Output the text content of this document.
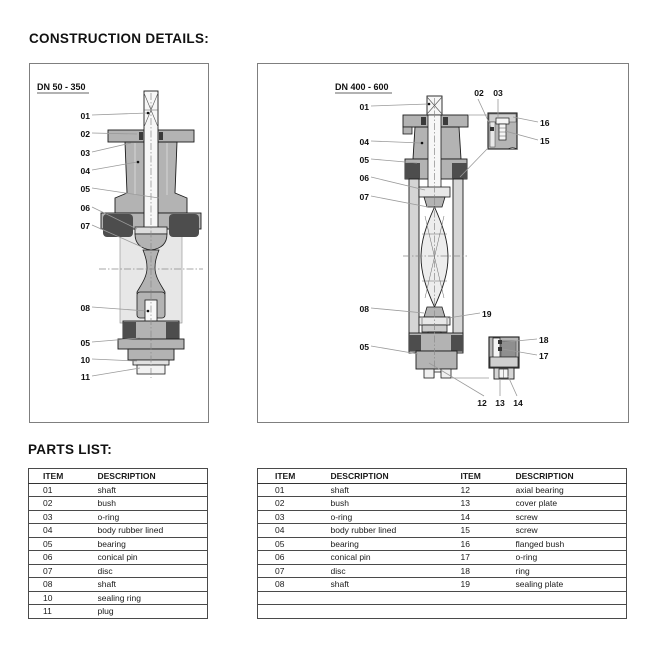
CONSTRUCTION DETAILS:
DN 50 - 350
01
02
03
04
05
06
07
08
05
10
11
DN 400 - 600
01
04
05
06
07
08	19
05
02 03
16
15
18
17
12 13 14
PARTS LIST:
ITEM	DESCRIPTION
01	shaft
02	bush
03	o-ring
04	body rubber lined
05	bearing
06	conical pin
07	disc
08	shaft
10	sealing ring
11	plug
ITEM	DESCRIPTION	ITEM	DESCRIPTION
01	shaft	12	axial bearing
02	bush	13	cover plate
03	o-ring	14	screw
04	body rubber lined	15	screw
05	bearing	16	flanged bush
06	conical pin	17	o-ring
07	disc	18	ring
08	shaft	19	sealing plate
